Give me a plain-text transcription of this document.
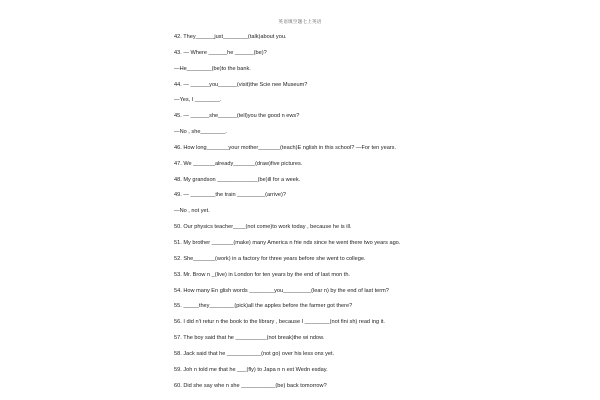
英语填空题七上英语
42. They______just________(talk)about you.
43. — Where ______he ______(be)?
—He________(be)to the bank.
44. — ______you______(visit)the Scie nee Museum?
—Yes, I ________.
45. — ______she______(tell)you the good n ews?
—No , she________.
46. How long_______your mother_______(teach)E nglish in this school? —For ten years.
47. We _______already_______(draw)five pictures.
48. My grandson _____________(be)ill for a week.
49. — ________the train _________(arrive)?
—No , not yet.
50. Our physics teacher____(not come)to work today , because he is ill.
51. My brother _______(make) many America n frie nds since he went there two years ago.
52. She_______(work) in a factory for three years before she went to college.
53. Mr. Brow n _(live) in London for ten years by the end of last mon th.
54. How many En glish words ________you_________(lear n) by the end of last term?
55. _____they________(pick)all the apples before the farmer got there?
56. I did n't retur n the book to the library , because I ________(not fini sh) read ing it.
57. The boy said that he __________(not break)the wi ndow.
58. Jack said that he ___________(not go) over his less ons yet.
59. Joh n told me that he ___(fly) to Japa n n ext Wedn esday.
60. Did she say whe n she ___________(be) back tomorrow?
